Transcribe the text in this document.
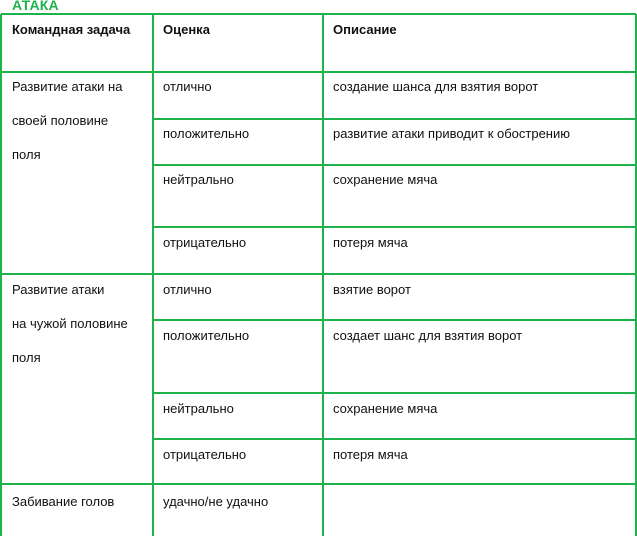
АТАКА
Командная задача	Оценка	Описание
Развитие атаки на
своей половине
поля
отлично	создание шанса для взятия ворот
положительно	развитие атаки приводит к обострению
нейтрально	сохранение мяча
отрицательно	потеря мяча
Развитие атаки
на чужой половине
поля
отлично	взятие ворот
положительно	создает шанс для взятия ворот
нейтрально	сохранение мяча
отрицательно	потеря мяча
Забивание голов	удачно/не удачно
